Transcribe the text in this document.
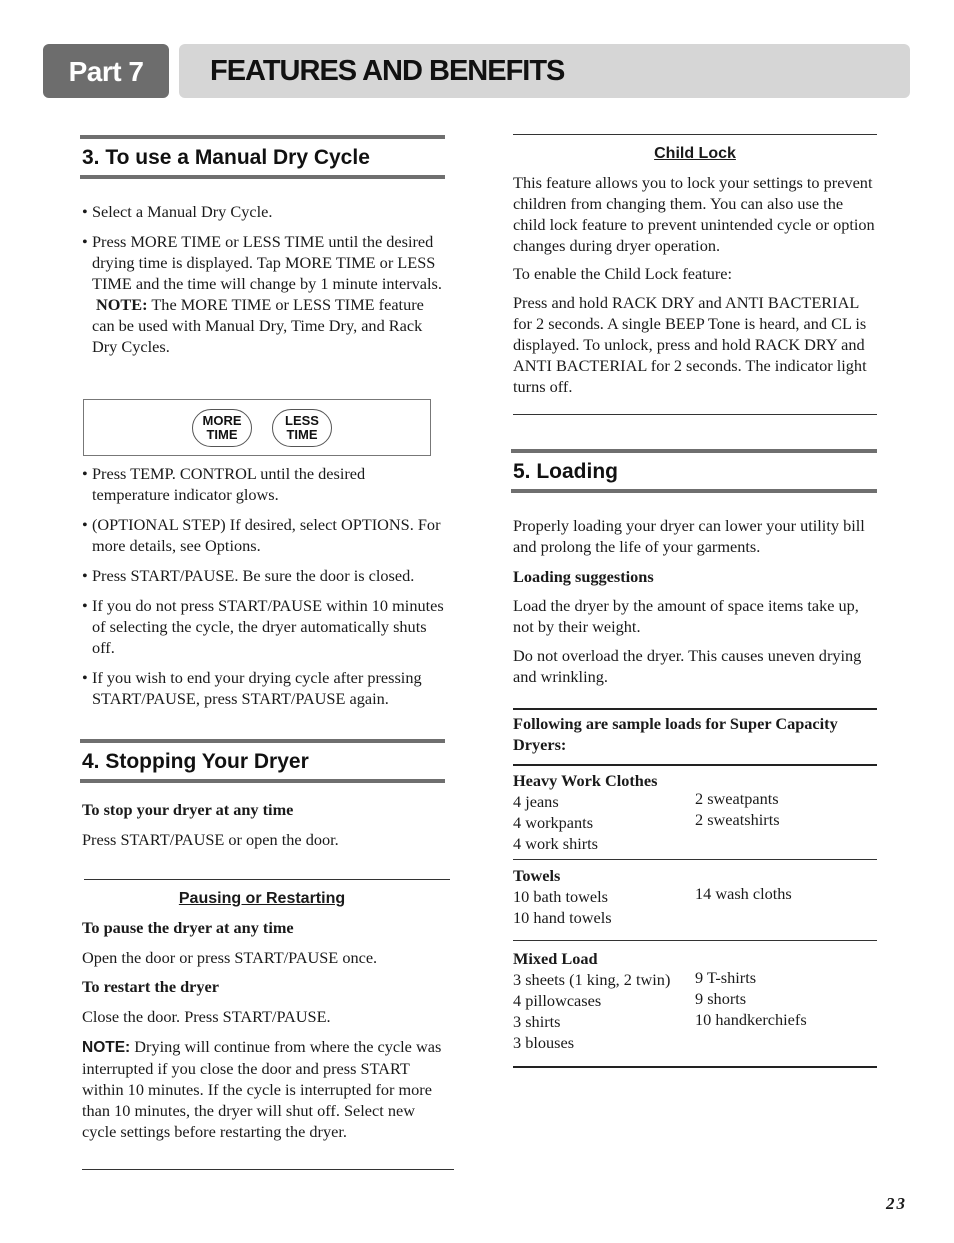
Part 7	FEATURES AND BENEFITS
3. To use a Manual Dry Cycle
• Select a Manual Dry Cycle.
• Press MORE TIME or LESS TIME until the desired drying time is displayed. Tap MORE TIME or LESS TIME and the time will change by 1 minute intervals.
NOTE: The MORE TIME or LESS TIME feature can be used with Manual Dry, Time Dry, and Rack Dry Cycles.
MORE
TIME
LESS
TIME
• Press TEMP. CONTROL until the desired temperature indicator glows.
• (OPTIONAL STEP) If desired, select OPTIONS. For more details, see Options.
• Press START/PAUSE. Be sure the door is closed.
• If you do not press START/PAUSE within 10 minutes of selecting the cycle, the dryer automatically shuts off.
• If you wish to end your drying cycle after pressing START/PAUSE, press START/PAUSE again.
4. Stopping Your Dryer

To stop your dryer at any time

Press START/PAUSE or open the door.

Pausing or Restarting

To pause the dryer at any time

Open the door or press START/PAUSE once.

To restart the dryer

Close the door. Press START/PAUSE.

NOTE: Drying will continue from where the cycle was interrupted if you close the door and press START within 10 minutes. If the cycle is interrupted for more than 10 minutes, the dryer will shut off. Select new cycle settings before restarting the dryer.

Child Lock

This feature allows you to lock your settings to prevent children from changing them. You can also use the child lock feature to prevent unintended cycle or option changes during dryer operation.

To enable the Child Lock feature:

Press and hold RACK DRY and ANTI BACTERIAL for 2 seconds. A single BEEP Tone is heard, and CL is displayed. To unlock, press and hold RACK DRY and ANTI BACTERIAL for 2 seconds. The indicator light turns off.

5. Loading

Properly loading your dryer can lower your utility bill and prolong the life of your garments.

Loading suggestions

Load the dryer by the amount of space items take up, not by their weight.

Do not overload the dryer. This causes uneven drying and wrinkling.

Following are sample loads for Super Capacity Dryers:

Heavy Work Clothes
4 jeans
4 workpants
4 work shirts
2 sweatpants
2 sweatshirts
Towels
10 bath towels
10 hand towels
14 wash cloths
Mixed Load
3 sheets (1 king, 2 twin)
4 pillowcases
3 shirts
3 blouses
9 T-shirts
9 shorts
10 handkerchiefs
23
